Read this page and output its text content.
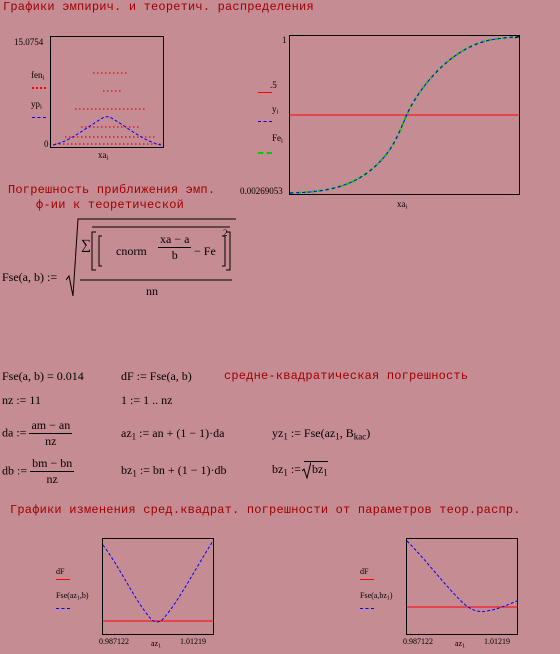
Графики эмпирич. и теоретич. распределения
15.0754
0
fen$_i$
$yp_i$
$xa_i$
1
.5
$y_i$
$Fe_i$
0.00269053
$xa_i$
Погрешность приближения эмп.
ф-ии к теоретической
Fse(a, b) :=
∑ cnorm $\frac{xa - a}{b} - Fe$
2
nn
Fse(a, b) = 0.014	dF := Fse(a, b)	средне-квадратическая погрешность
nz := 11	1 := 1 .. nz
da := $\frac{am - an}{nz}$	$az_1$ := an + (1 − 1)·da	$yz_1$ := $Fse(az_1$, $B_{kac}$)
db := $\frac{bm - bn}{nz}$	$bz_1$ := bn + (1 − 1)·db	$bz_1$ := $bz_1$
Графики изменения сред.квадрат. погрешности от параметров теор.распр.
dF
$Fse(az_1,b)$
0.987122	$az_1$
1.01219
dF
$Fse(a,bz_1)$
0.987122	$az_1$
1.01219
